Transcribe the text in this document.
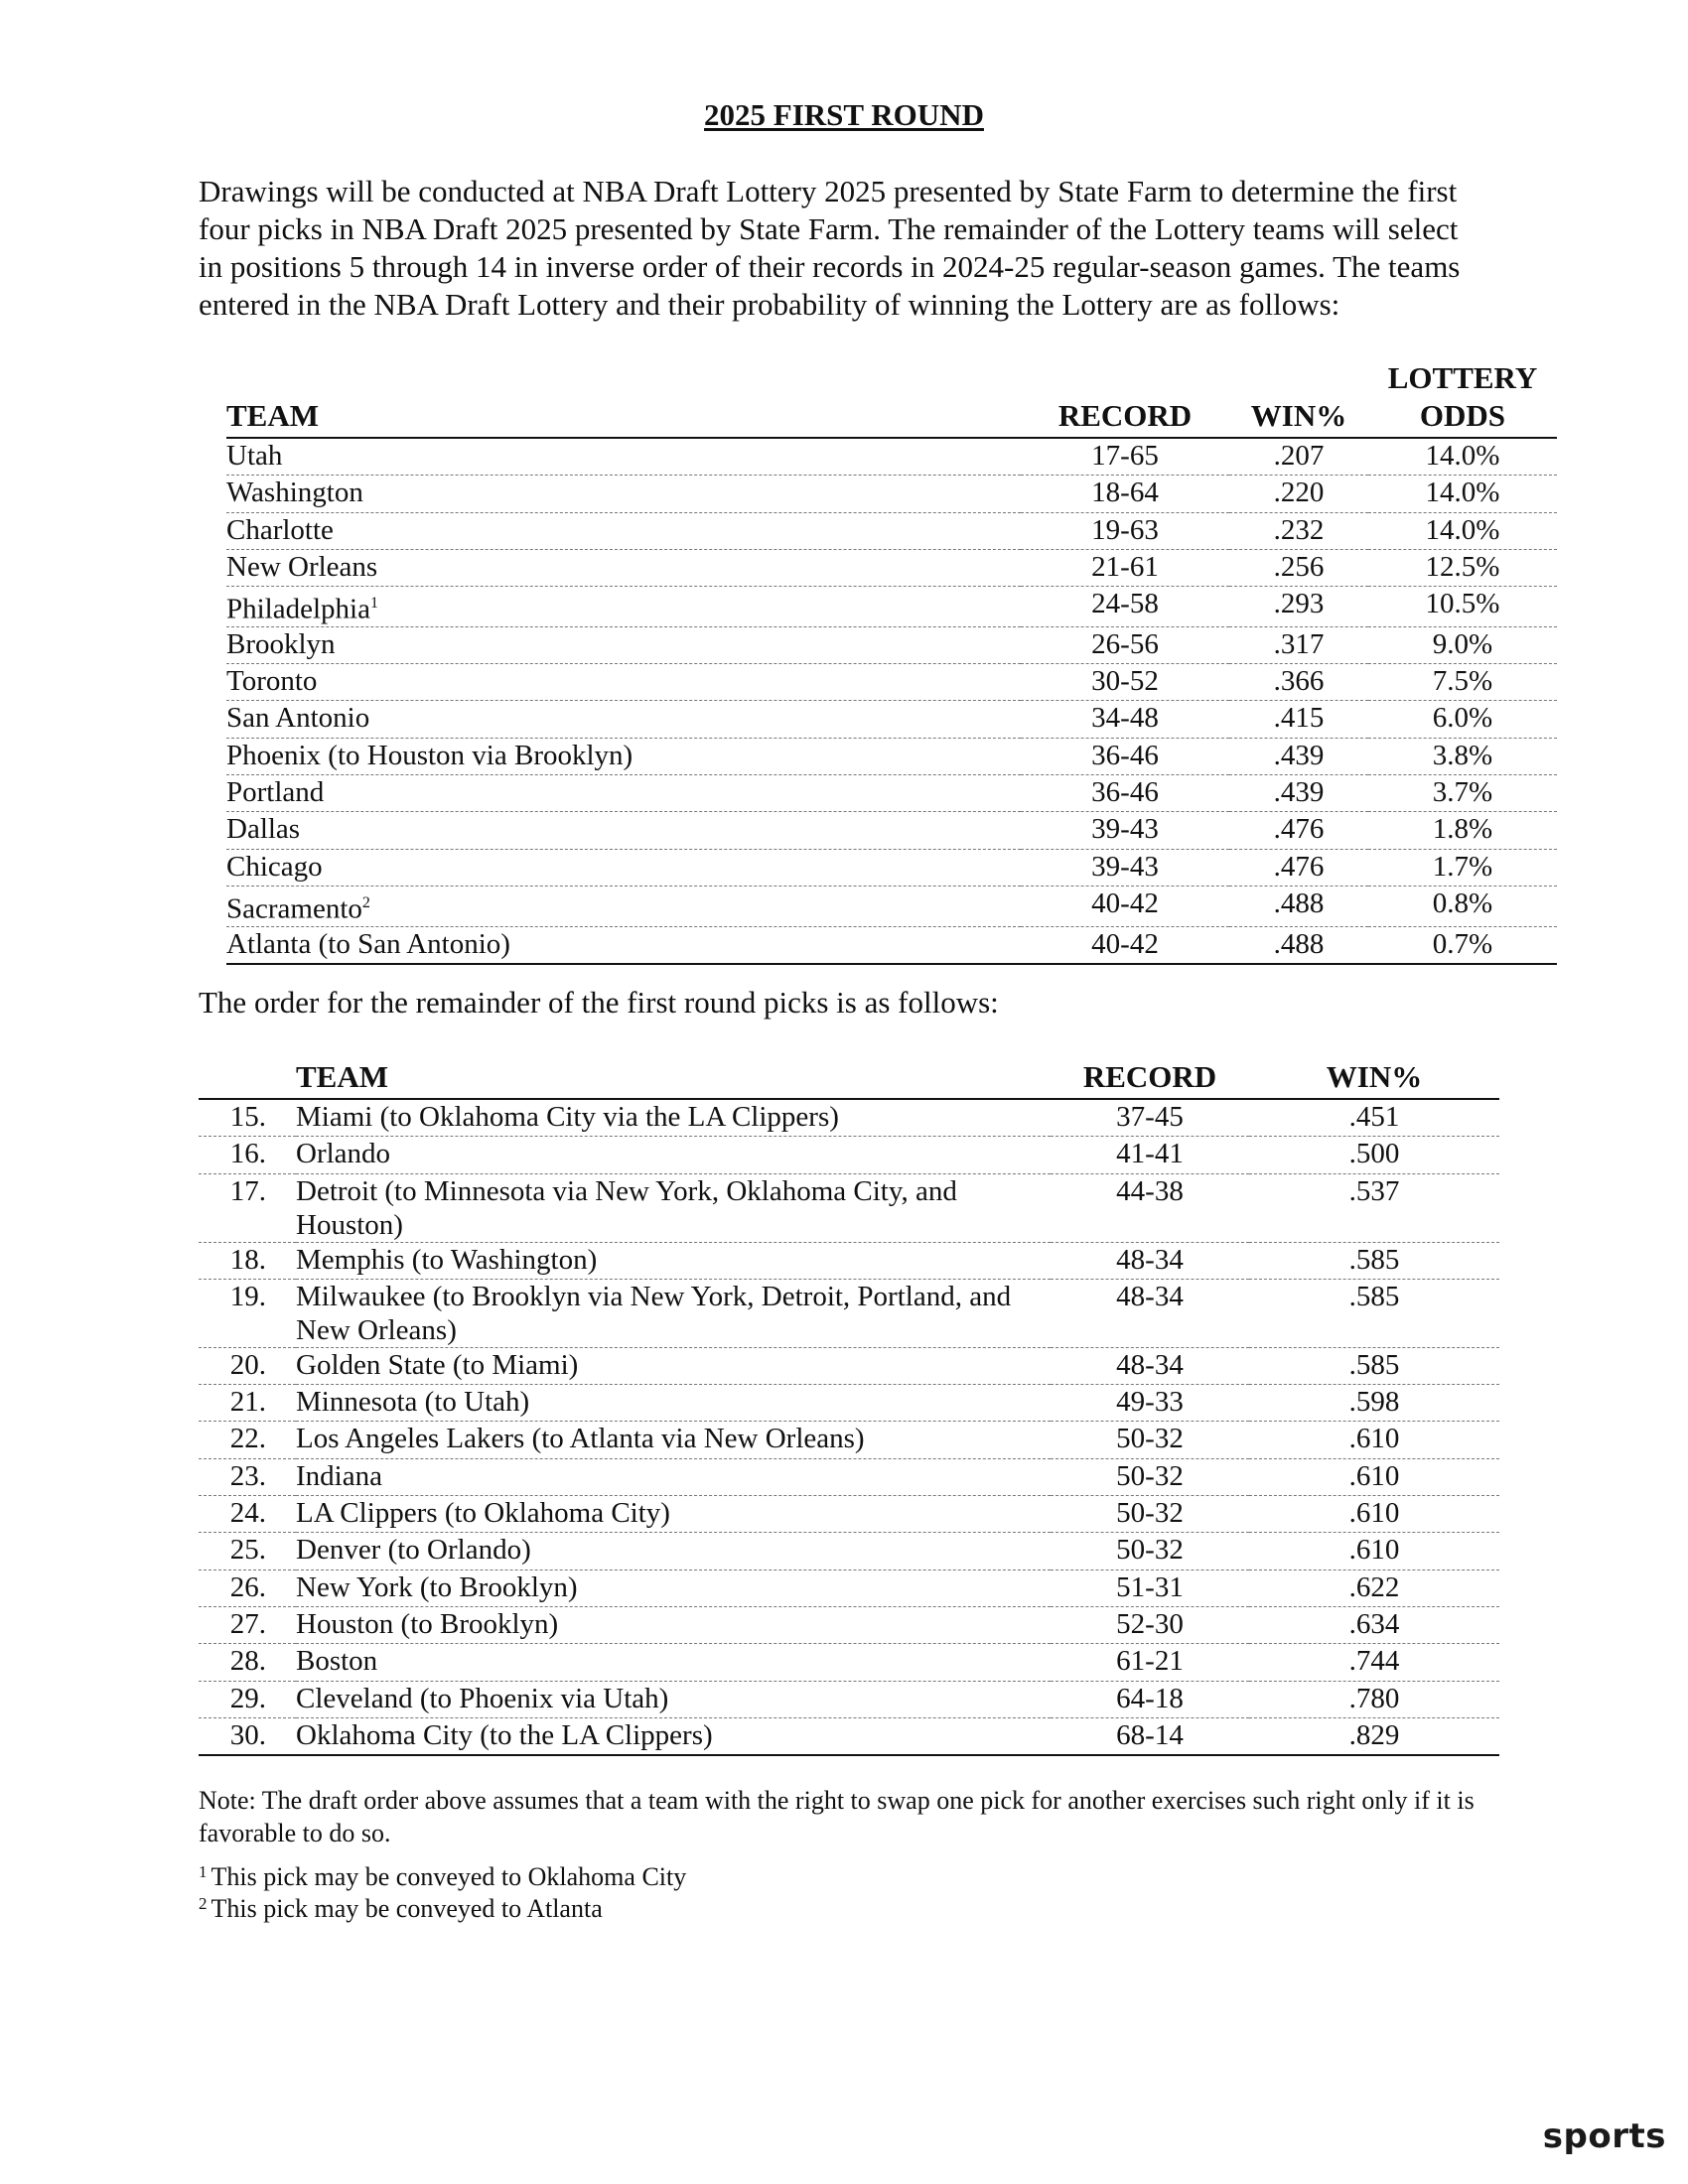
2025 FIRST ROUND

Drawings will be conducted at NBA Draft Lottery 2025 presented by State Farm to determine the first four picks in NBA Draft 2025 presented by State Farm. The remainder of the Lottery teams will select in positions 5 through 14 in inverse order of their records in 2024-25 regular-season games. The teams entered in the NBA Draft Lottery and their probability of winning the Lottery are as follows:

TEAM	RECORD	WIN%	LOTTERY
ODDS
Utah	17-65	.207	14.0%
Washington	18-64	.220	14.0%
Charlotte	19-63	.232	14.0%
New Orleans	21-61	.256	12.5%
Philadelphia$^1$	24-58	.293	10.5%
Brooklyn	26-56	.317	9.0%
Toronto	30-52	.366	7.5%
San Antonio	34-48	.415	6.0%
Phoenix (to Houston via Brooklyn)	36-46	.439	3.8%
Portland	36-46	.439	3.7%
Dallas	39-43	.476	1.8%
Chicago	39-43	.476	1.7%
Sacramento$^2$	40-42	.488	0.8%
Atlanta (to San Antonio)	40-42	.488	0.7%

The order for the remainder of the first round picks is as follows:

	TEAM	RECORD	WIN%
15.	Miami (to Oklahoma City via the LA Clippers)	37-45	.451
16.	Orlando	41-41	.500
17.	Detroit (to Minnesota via New York, Oklahoma City, and Houston)	44-38	.537
18.	Memphis (to Washington)	48-34	.585
19.	Milwaukee (to Brooklyn via New York, Detroit, Portland, and New Orleans)	48-34	.585
20.	Golden State (to Miami)	48-34	.585
21.	Minnesota (to Utah)	49-33	.598
22.	Los Angeles Lakers (to Atlanta via New Orleans)	50-32	.610
23.	Indiana	50-32	.610
24.	LA Clippers (to Oklahoma City)	50-32	.610
25.	Denver (to Orlando)	50-32	.610
26.	New York (to Brooklyn)	51-31	.622
27.	Houston (to Brooklyn)	52-30	.634
28.	Boston	61-21	.744
29.	Cleveland (to Phoenix via Utah)	64-18	.780
30.	Oklahoma City (to the LA Clippers)	68-14	.829

Note: The draft order above assumes that a team with the right to swap one pick for another exercises such right only if it is favorable to do so.

$^1$ This pick may be conveyed to Oklahoma City

$^2$ This pick may be conveyed to Atlanta

sports
